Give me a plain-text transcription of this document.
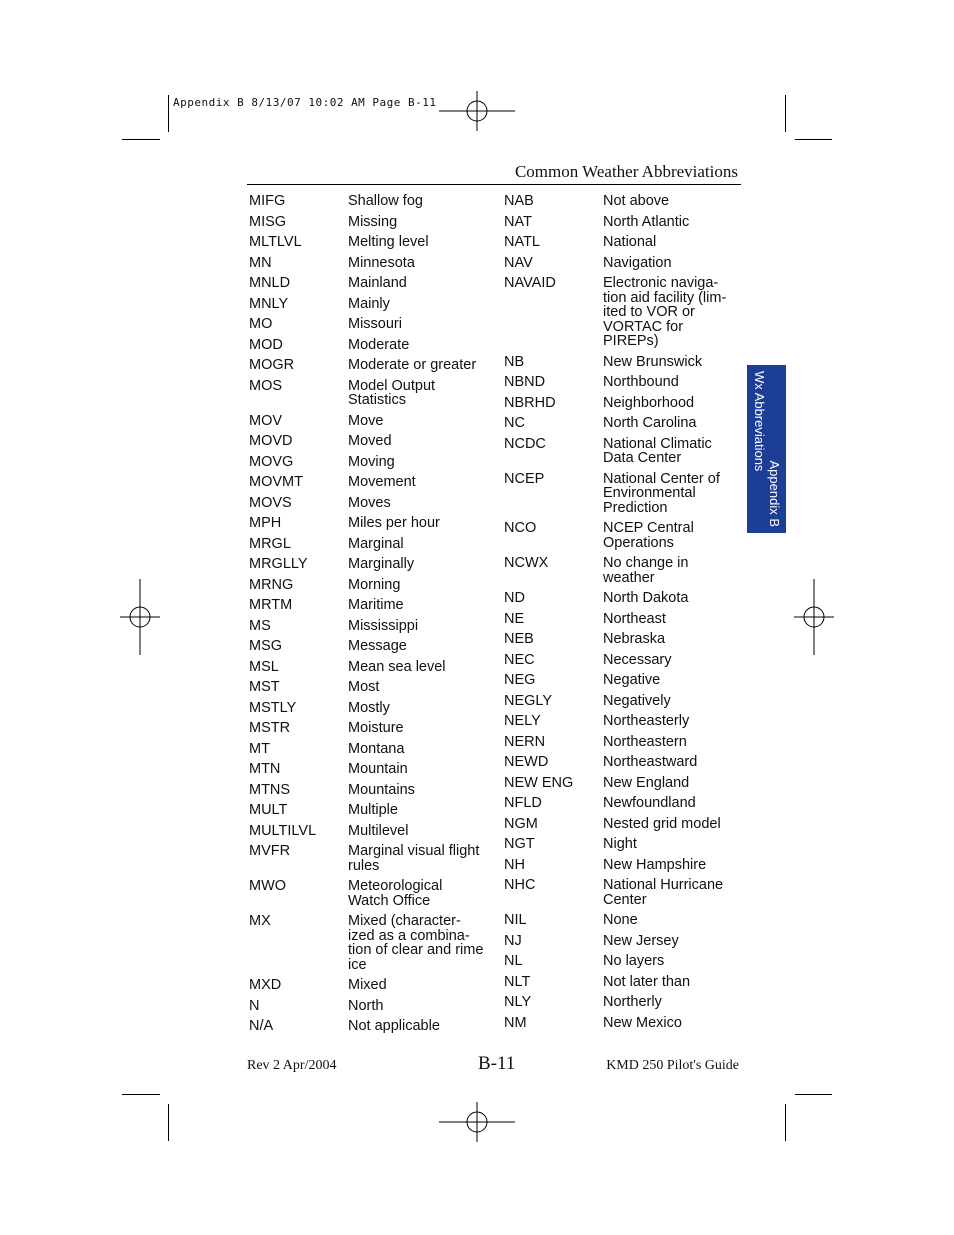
Appendix B 8/13/07 10:02 AM Page B-11
Common Weather Abbreviations
MIFG	Shallow fog
MISG	Missing
MLTLVL	Melting level
MN	Minnesota
MNLD	Mainland
MNLY	Mainly
MO	Missouri
MOD	Moderate
MOGR	Moderate or greater
MOS	Model Output Statistics
MOV	Move
MOVD	Moved
MOVG	Moving
MOVMT	Movement
MOVS	Moves
MPH	Miles per hour
MRGL	Marginal
MRGLLY	Marginally
MRNG	Morning
MRTM	Maritime
MS	Mississippi
MSG	Message
MSL	Mean sea level
MST	Most
MSTLY	Mostly
MSTR	Moisture
MT	Montana
MTN	Mountain
MTNS	Mountains
MULT	Multiple
MULTILVL	Multilevel
MVFR	Marginal visual flight rules
MWO	Meteorological Watch Office
MX	Mixed (character-ized as a combina-tion of clear and rime ice
MXD	Mixed
N	North
N/A	Not applicable
NAB	Not above
NAT	North Atlantic
NATL	National
NAV	Navigation
NAVAID	Electronic naviga-tion aid facility (lim-ited to VOR or VORTAC for PIREPs)
NB	New Brunswick
NBND	Northbound
NBRHD	Neighborhood
NC	North Carolina
NCDC	National Climatic Data Center
NCEP	National Center of Environmental Prediction
NCO	NCEP Central Operations
NCWX	No change in weather
ND	North Dakota
NE	Northeast
NEB	Nebraska
NEC	Necessary
NEG	Negative
NEGLY	Negatively
NELY	Northeasterly
NERN	Northeastern
NEWD	Northeastward
NEW ENG	New England
NFLD	Newfoundland
NGM	Nested grid model
NGT	Night
NH	New Hampshire
NHC	National Hurricane Center
NIL	None
NJ	New Jersey
NL	No layers
NLT	Not later than
NLY	Northerly
NM	New Mexico
Appendix B
Wx Abbreviations
Rev 2 Apr/2004	B-11	KMD 250 Pilot's Guide
